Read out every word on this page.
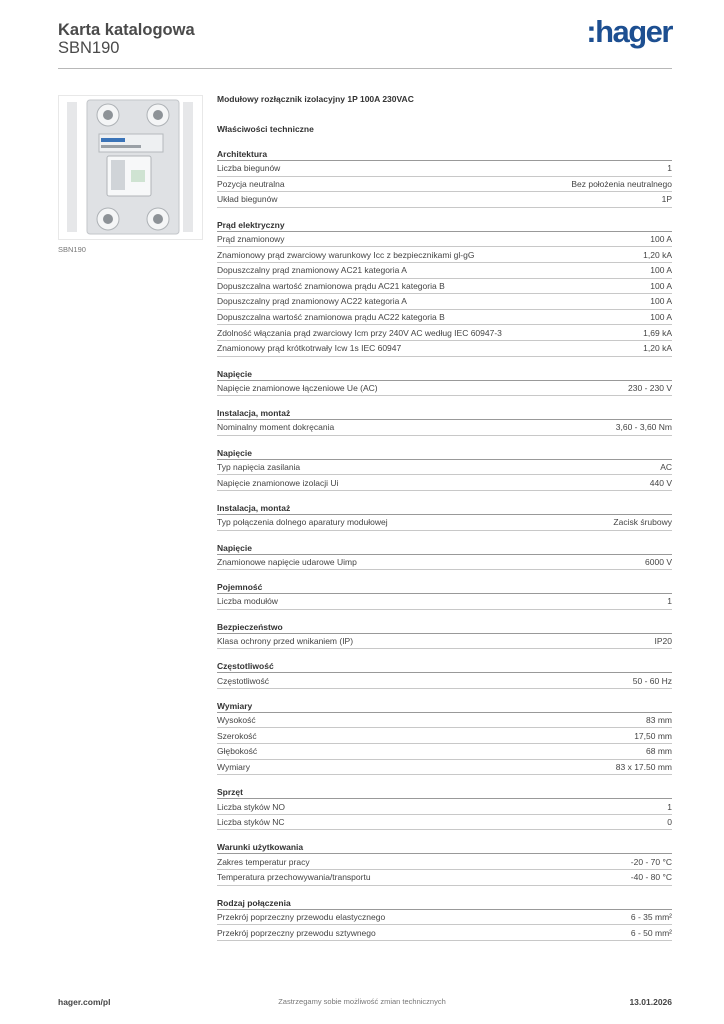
Karta katalogowa
SBN190	:hager
SBN190
Modułowy rozłącznik izolacyjny 1P 100A 230VAC
Właściwości techniczne
Architektura
Liczba biegunów	1
Pozycja neutralna	Bez położenia neutralnego
Układ biegunów	1P
Prąd elektryczny
Prąd znamionowy	100 A
Znamionowy prąd zwarciowy warunkowy Icc z bezpiecznikami gl-gG	1,20 kA
Dopuszczalny prąd znamionowy AC21 kategoria A	100 A
Dopuszczalna wartość znamionowa prądu AC21 kategoria B	100 A
Dopuszczalny prąd znamionowy AC22 kategoria A	100 A
Dopuszczalna wartość znamionowa prądu AC22 kategoria B	100 A
Zdolność włączania prąd zwarciowy Icm przy 240V AC według IEC 60947-3	1,69 kA
Znamionowy prąd krótkotrwały Icw 1s IEC 60947	1,20 kA
Napięcie
Napięcie znamionowe łączeniowe Ue (AC)	230 - 230 V
Instalacja, montaż
Nominalny moment dokręcania	3,60 - 3,60 Nm
Napięcie
Typ napięcia zasilania	AC
Napięcie znamionowe izolacji Ui	440 V
Instalacja, montaż
Typ połączenia dolnego aparatury modułowej	Zacisk śrubowy
Napięcie
Znamionowe napięcie udarowe Uimp	6000 V
Pojemność
Liczba modułów	1
Bezpieczeństwo
Klasa ochrony przed wnikaniem (IP)	IP20
Częstotliwość
Częstotliwość	50 - 60 Hz
Wymiary
Wysokość	83 mm
Szerokość	17,50 mm
Głębokość	68 mm
Wymiary	83 x 17.50 mm
Sprzęt
Liczba styków NO	1
Liczba styków NC	0
Warunki użytkowania
Zakres temperatur pracy	-20 - 70 °C
Temperatura przechowywania/transportu	-40 - 80 °C
Rodzaj połączenia
Przekrój poprzeczny przewodu elastycznego	6 - 35 mm²
Przekrój poprzeczny przewodu sztywnego	6 - 50 mm²
hager.com/pl	Zastrzegamy sobie możliwość zmian technicznych	13.01.2026
